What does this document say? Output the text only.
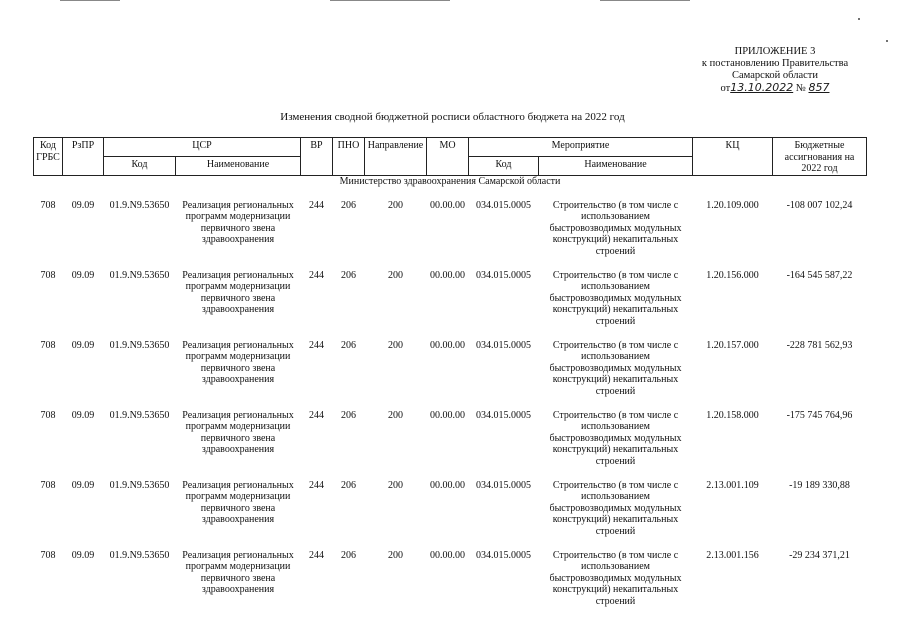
ПРИЛОЖЕНИЕ 3
к постановлению Правительства
Самарской области
от13.10.2022 № 857
Изменения сводной бюджетной росписи областного бюджета на 2022 год
Код ГРБС	РзПР	ЦСР		ВР	ПНО	Направление	МО	Мероприятие		КЦ	Бюджетные ассигнования на 2022 год
		Код	Наименование					Код	Наименование		
Министерство здравоохранения Самарской области											
708	09.09	01.9.N9.53650	Реализация региональных программ модернизации первичного звена здравоохранения	244	206	200	00.00.00	034.015.0005	Строительство (в том числе с использованием быстровозводимых модульных конструкций) некапитальных строений	1.20.109.000	-108 007 102,24
708	09.09	01.9.N9.53650	Реализация региональных программ модернизации первичного звена здравоохранения	244	206	200	00.00.00	034.015.0005	Строительство (в том числе с использованием быстровозводимых модульных конструкций) некапитальных строений	1.20.156.000	-164 545 587,22
708	09.09	01.9.N9.53650	Реализация региональных программ модернизации первичного звена здравоохранения	244	206	200	00.00.00	034.015.0005	Строительство (в том числе с использованием быстровозводимых модульных конструкций) некапитальных строений	1.20.157.000	-228 781 562,93
708	09.09	01.9.N9.53650	Реализация региональных программ модернизации первичного звена здравоохранения	244	206	200	00.00.00	034.015.0005	Строительство (в том числе с использованием быстровозводимых модульных конструкций) некапитальных строений	1.20.158.000	-175 745 764,96
708	09.09	01.9.N9.53650	Реализация региональных программ модернизации первичного звена здравоохранения	244	206	200	00.00.00	034.015.0005	Строительство (в том числе с использованием быстровозводимых модульных конструкций) некапитальных строений	2.13.001.109	-19 189 330,88
708	09.09	01.9.N9.53650	Реализация региональных программ модернизации первичного звена здравоохранения	244	206	200	00.00.00	034.015.0005	Строительство (в том числе с использованием быстровозводимых модульных конструкций) некапитальных строений	2.13.001.156	-29 234 371,21
